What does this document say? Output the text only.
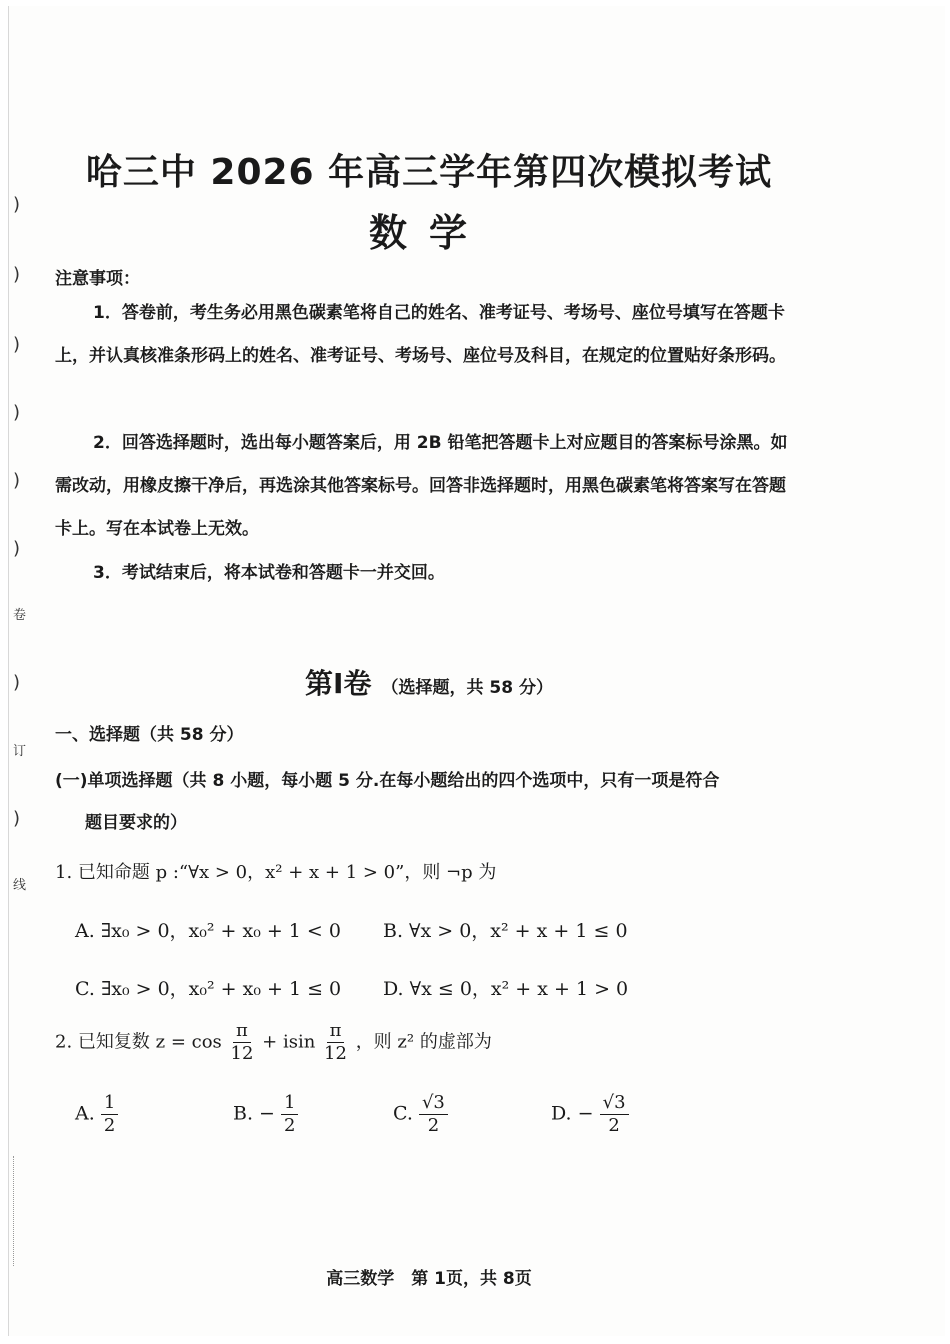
)
)
)
)
)
)
卷
)
订
)
线
哈三中 2026 年高三学年第四次模拟考试
数学
注意事项：
1．答卷前，考生务必用黑色碳素笔将自己的姓名、准考证号、考场号、座位号填写在答题卡上，并认真核准条形码上的姓名、准考证号、考场号、座位号及科目，在规定的位置贴好条形码。
2．回答选择题时，选出每小题答案后，用 2B 铅笔把答题卡上对应题目的答案标号涂黑。如需改动，用橡皮擦干净后，再选涂其他答案标号。回答非选择题时，用黑色碳素笔将答案写在答题卡上。写在本试卷上无效。
3．考试结束后，将本试卷和答题卡一并交回。
第Ⅰ卷 （选择题，共 58 分）
一、选择题（共 58 分）
(一)单项选择题（共 8 小题，每小题 5 分.在每小题给出的四个选项中，只有一项是符合
题目要求的）
1. 已知命题 p :“∀x > 0，x² + x + 1 > 0”，则 ¬p 为
A. ∃x₀ > 0，x₀² + x₀ + 1 < 0 B. ∀x > 0，x² + x + 1 ≤ 0
C. ∃x₀ > 0，x₀² + x₀ + 1 ≤ 0 D. ∀x ≤ 0，x² + x + 1 > 0
2. 已知复数 $z = \cos \frac{\pi}{12} + isin \frac{\pi}{12}$ ，则 z² 的虚部为
A. $\frac{1}{2}$	B. − $\frac{1}{2}$	C. $\frac{√3}{2}$	D. − $\frac{√3}{2}$
高三数学　第 1页，共 8页
